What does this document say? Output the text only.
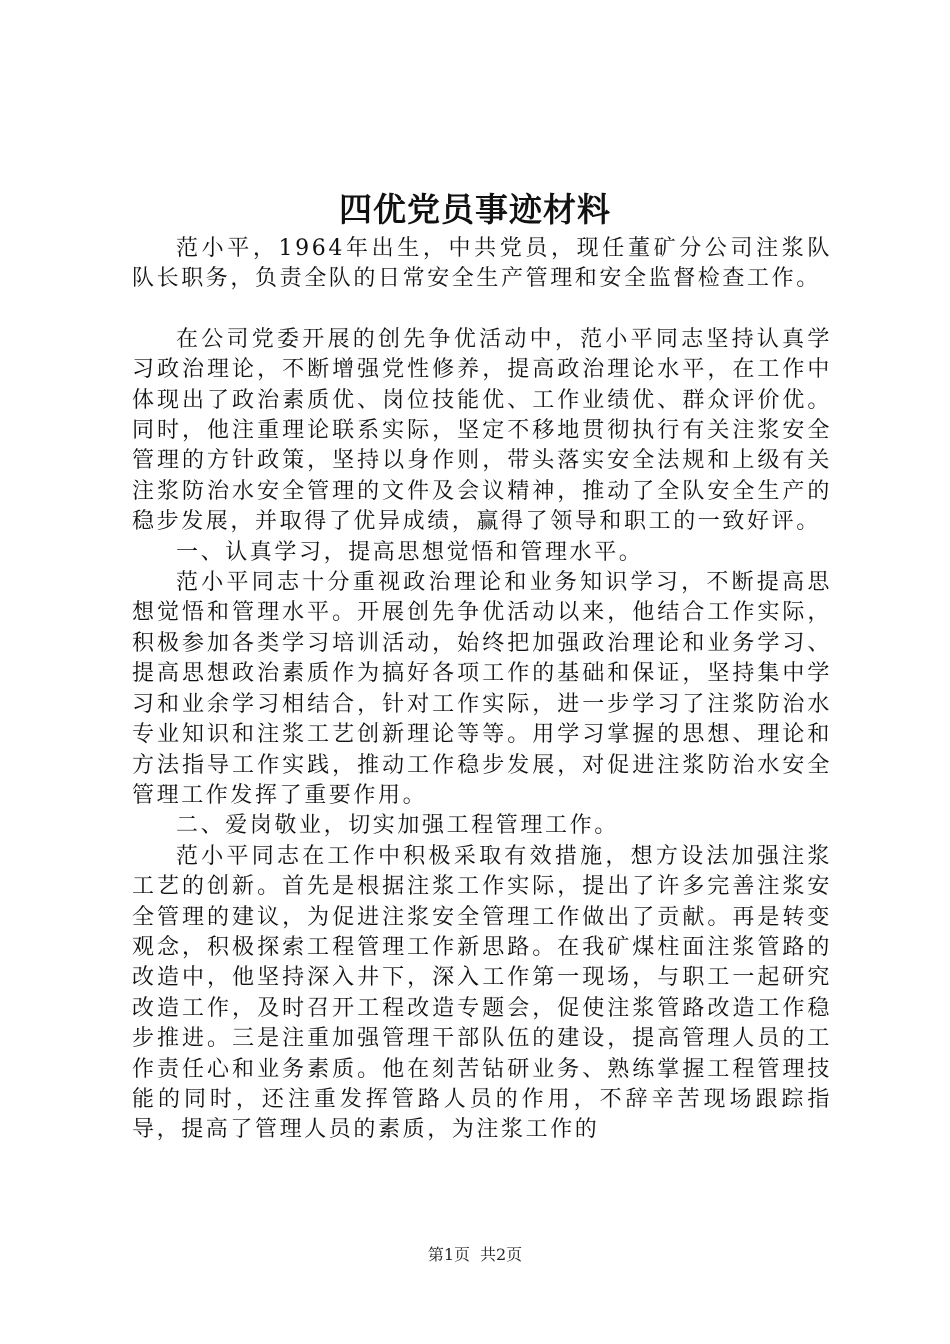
四优党员事迹材料

范小平，1964年出生，中共党员，现任董矿分公司注浆队队长职务，负责全队的日常安全生产管理和安全监督检查工作。

在公司党委开展的创先争优活动中，范小平同志坚持认真学习政治理论，不断增强党性修养，提高政治理论水平，在工作中体现出了政治素质优、岗位技能优、工作业绩优、群众评价优。同时，他注重理论联系实际，坚定不移地贯彻执行有关注浆安全管理的方针政策，坚持以身作则，带头落实安全法规和上级有关注浆防治水安全管理的文件及会议精神，推动了全队安全生产的稳步发展，并取得了优异成绩，赢得了领导和职工的一致好评。

一、认真学习，提高思想觉悟和管理水平。

范小平同志十分重视政治理论和业务知识学习，不断提高思想觉悟和管理水平。开展创先争优活动以来，他结合工作实际，积极参加各类学习培训活动，始终把加强政治理论和业务学习、提高思想政治素质作为搞好各项工作的基础和保证，坚持集中学习和业余学习相结合，针对工作实际，进一步学习了注浆防治水专业知识和注浆工艺创新理论等等。用学习掌握的思想、理论和方法指导工作实践，推动工作稳步发展，对促进注浆防治水安全管理工作发挥了重要作用。

二、爱岗敬业，切实加强工程管理工作。

范小平同志在工作中积极采取有效措施，想方设法加强注浆工艺的创新。首先是根据注浆工作实际，提出了许多完善注浆安全管理的建议，为促进注浆安全管理工作做出了贡献。再是转变观念，积极探索工程管理工作新思路。在我矿煤柱面注浆管路的改造中，他坚持深入井下，深入工作第一现场，与职工一起研究改造工作，及时召开工程改造专题会，促使注浆管路改造工作稳步推进。三是注重加强管理干部队伍的建设，提高管理人员的工作责任心和业务素质。他在刻苦钻研业务、熟练掌握工程管理技能的同时，还注重发挥管路人员的作用，不辞辛苦现场跟踪指导，提高了管理人员的素质，为注浆工作的

第1页 共2页
